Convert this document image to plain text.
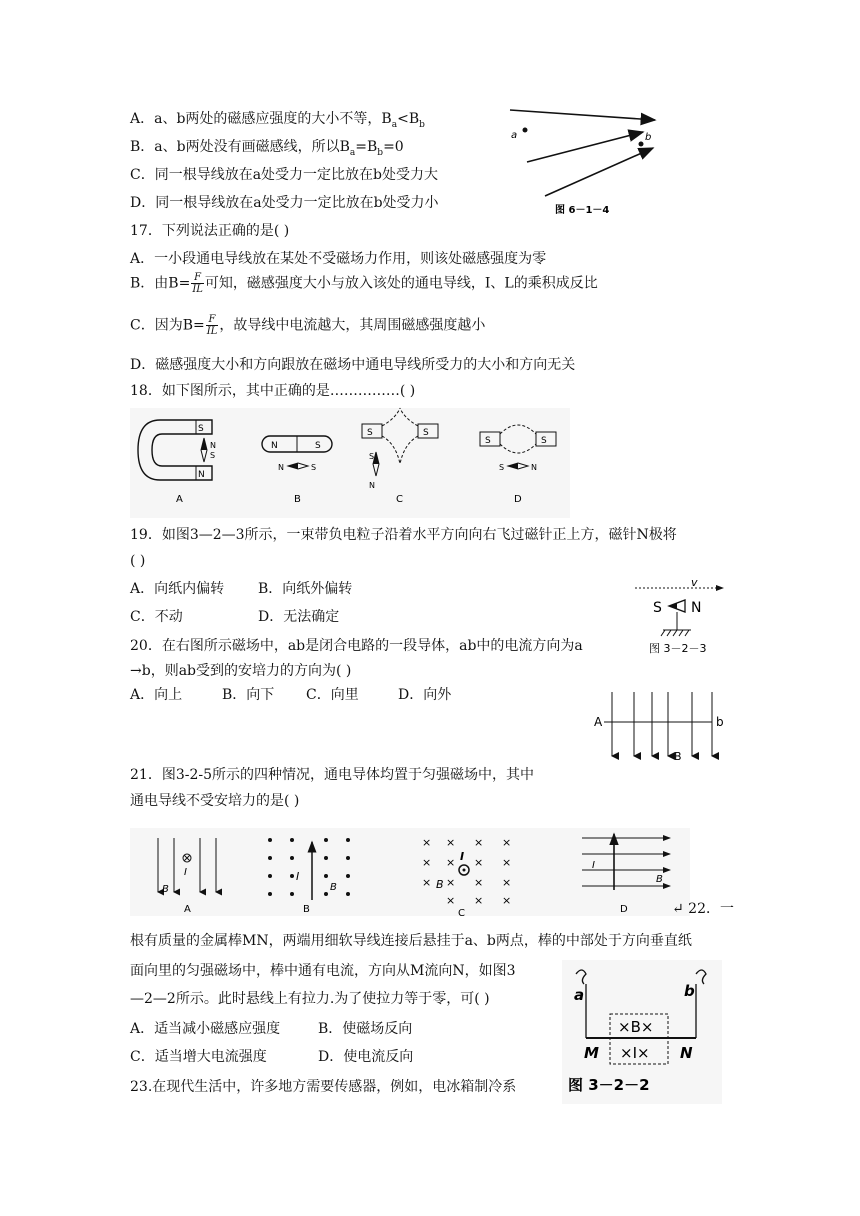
A．a、b两处的磁感应强度的大小不等，$B_a<B_b$
B．a、b两处没有画磁感线，所以$B_a=B_b=0$
C．同一根导线放在a处受力一定比放在b处受力大
D．同一根导线放在a处受力一定比放在b处受力小
a	b
图 6－1－4
17．下列说法正确的是( )
A．一小段通电导线放在某处不受磁场力作用，则该处磁感强度为零
B．由$B= \frac{F}{IL}$ 可知，磁感强度大小与放入该处的通电导线，I、L的乘积成反比
C．因为$B= \frac{F}{IL}$ ，故导线中电流越大，其周围磁感强度越小
D．磁感强度大小和方向跟放在磁场中通电导线所受力的大小和方向无关
18．如下图所示，其中正确的是……………( )
S
N
N
S
A
N	S
N	S
B
S	S
S
N
C
S	S
S	N
D
19．如图3—2—3所示，一束带负电粒子沿着水平方向向右飞过磁针正上方，磁针N极将
( )
A．向纸内偏转 B．向纸外偏转
C．不动	D．无法确定
v
S N
图 3－2－3
20．在右图所示磁场中，ab是闭合电路的一段导体，ab中的电流方向为a
→b，则ab受到的安培力的方向为( )
A．向上	B．向下 C．向里	D．向外
A	b
B
21．图3-2-5所示的四种情况，通电导体均置于匀强磁场中，其中
通电导线不受安培力的是( )
I
B
A
I
B
B
× × × ×
× × × ×
× × × ×
× × ×
I
B
C
I
B
D	↵ 22．一
根有质量的金属棒MN，两端用细软导线连接后悬挂于a、b两点，棒的中部处于方向垂直纸
面向里的匀强磁场中，棒中通有电流，方向从M流向N，如图3
—2—2所示。此时悬线上有拉力.为了使拉力等于零，可( )
A．适当减小磁感应强度	B．使磁场反向
C．适当增大电流强度	D．使电流反向
a	b
×B×
×I×
M	N
图 3－2－2
23.在现代生活中，许多地方需要传感器，例如，电冰箱制冷系
